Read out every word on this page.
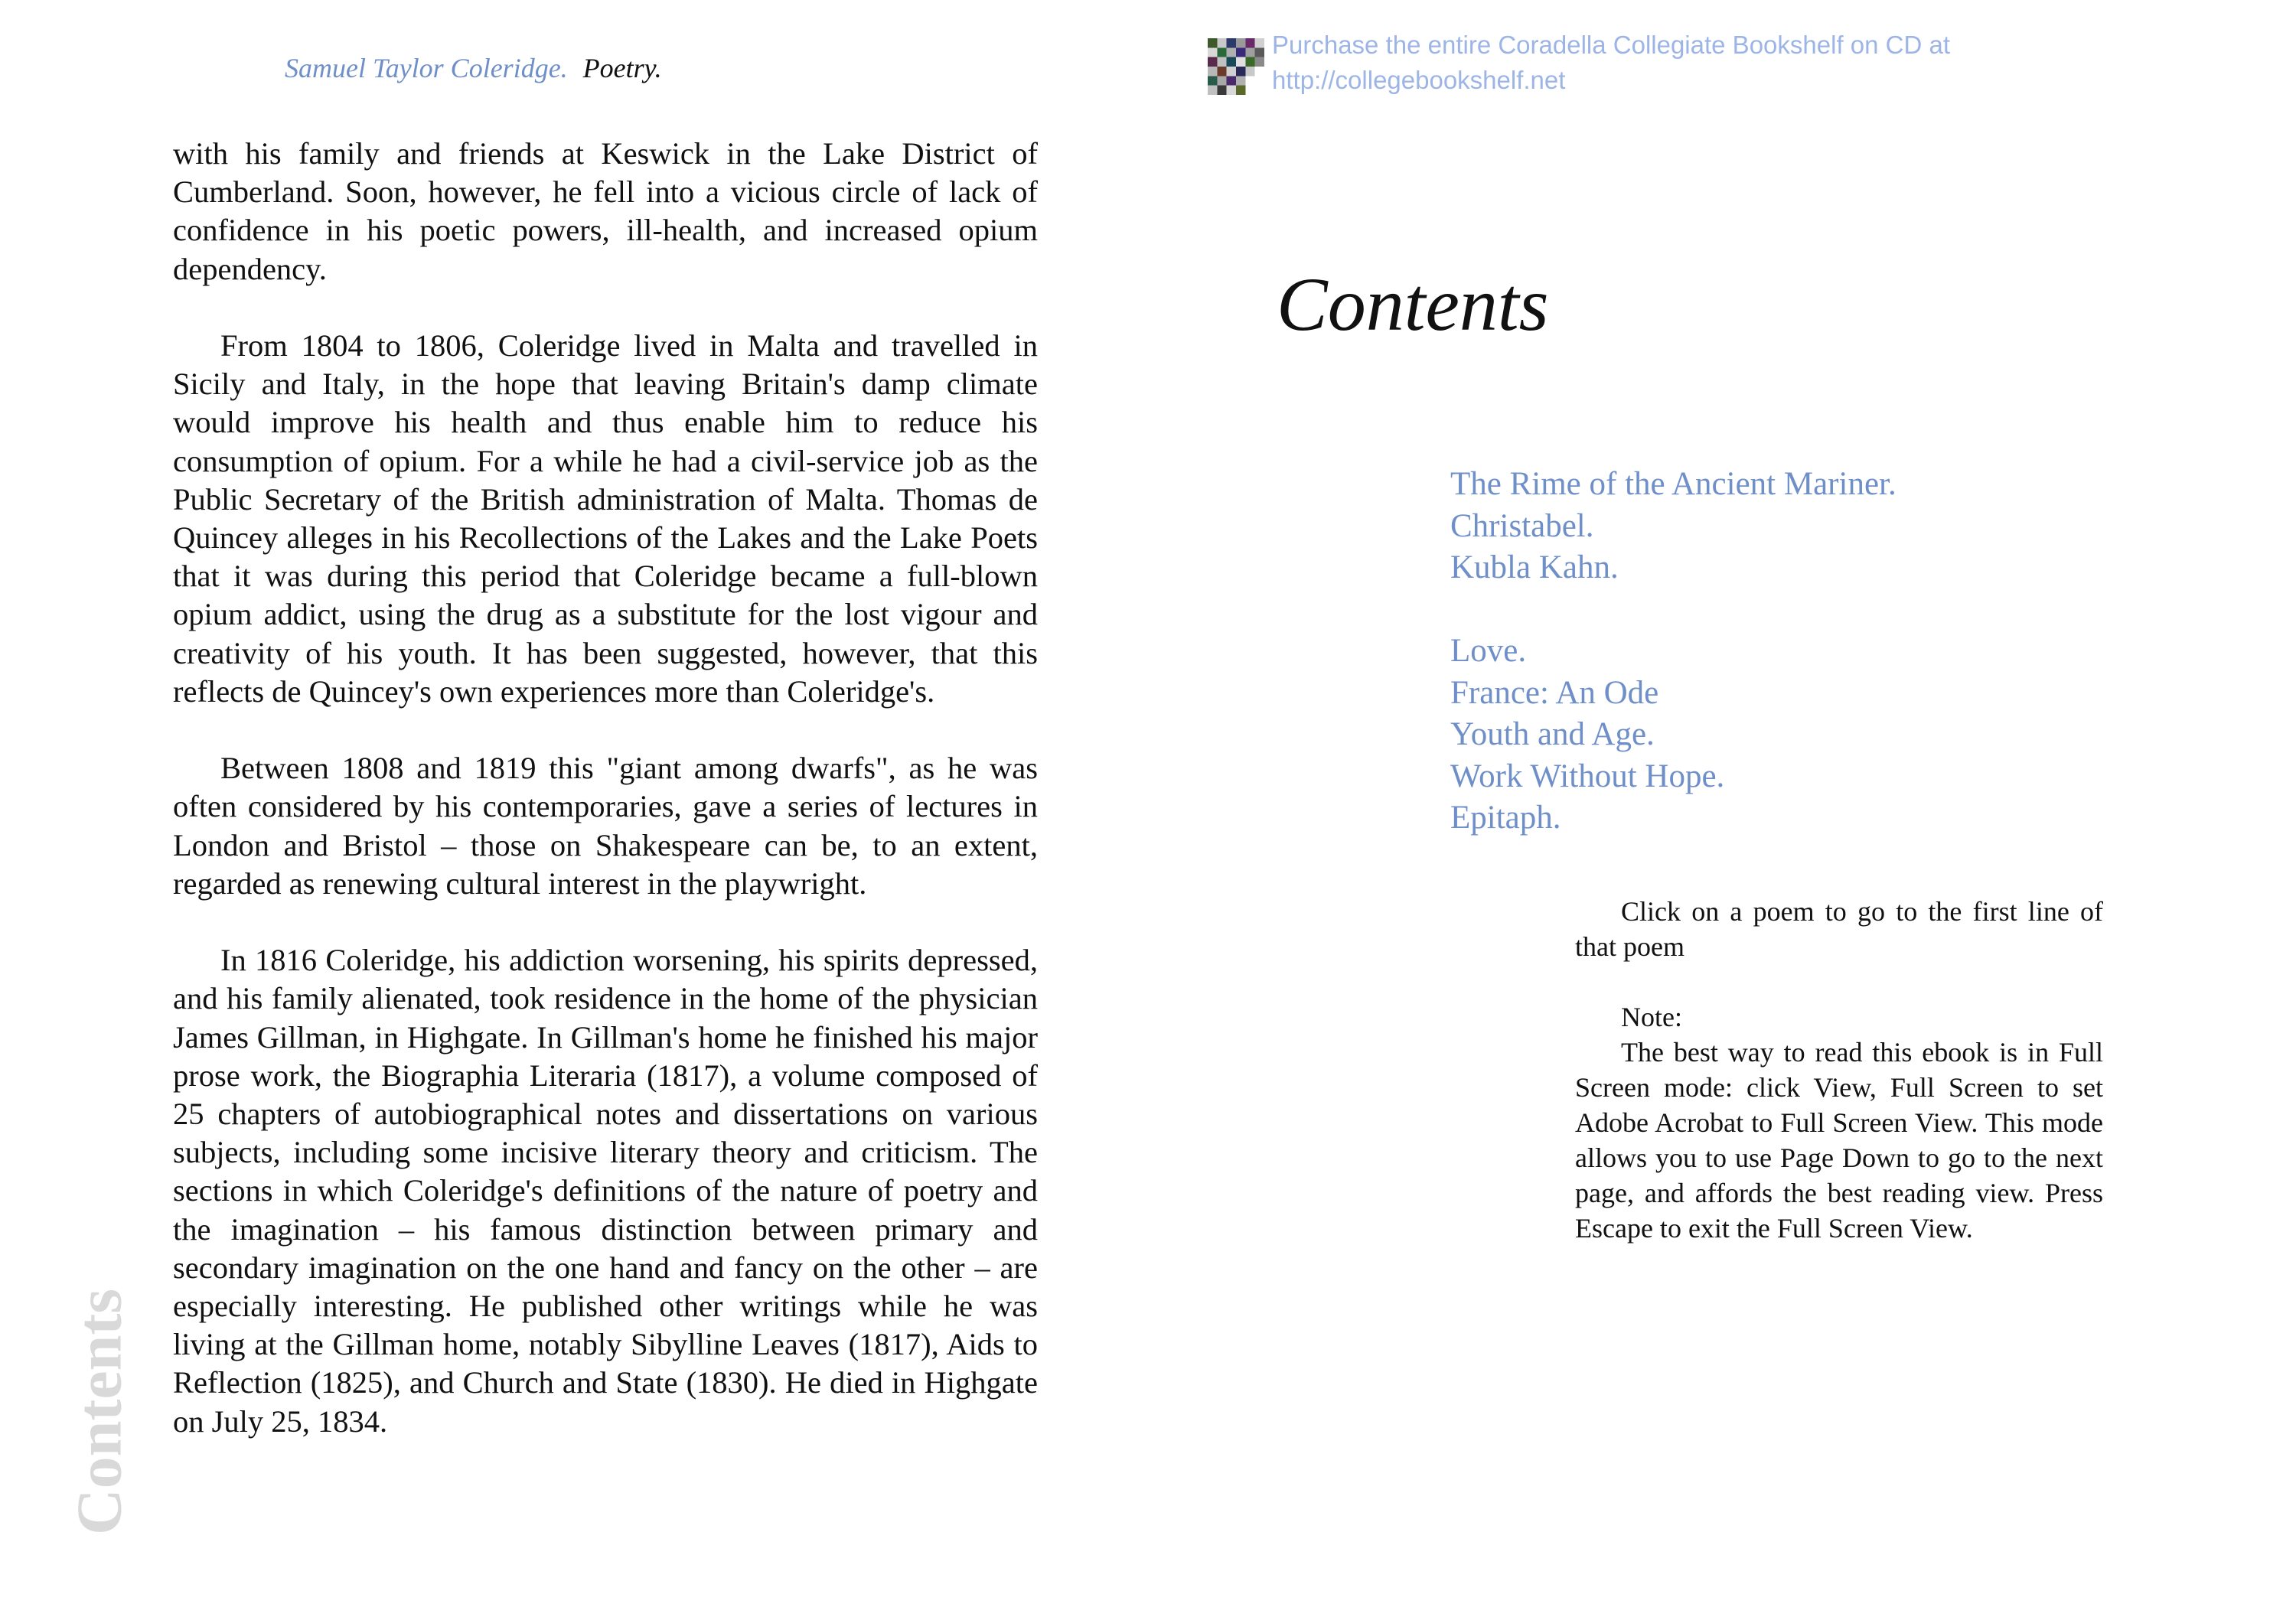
Samuel Taylor Coleridge. Poetry.

with his family and friends at Keswick in the Lake District of Cumberland. Soon, however, he fell into a vicious circle of lack of confidence in his poetic powers, ill-health, and increased opium dependency.

From 1804 to 1806, Coleridge lived in Malta and travelled in Sicily and Italy, in the hope that leaving Britain's damp climate would improve his health and thus enable him to reduce his consumption of opium. For a while he had a civil-service job as the Public Secretary of the British administration of Malta. Thomas de Quincey alleges in his Recollections of the Lakes and the Lake Poets that it was during this period that Coleridge became a full-blown opium addict, using the drug as a substitute for the lost vigour and creativity of his youth. It has been suggested, however, that this reflects de Quincey's own experiences more than Coleridge's.

Between 1808 and 1819 this "giant among dwarfs", as he was often considered by his contemporaries, gave a series of lectures in London and Bristol – those on Shakespeare can be, to an extent, regarded as renewing cultural interest in the playwright.

In 1816 Coleridge, his addiction worsening, his spirits depressed, and his family alienated, took residence in the home of the physician James Gillman, in Highgate. In Gillman's home he finished his major prose work, the Biographia Literaria (1817), a volume composed of 25 chapters of autobiographical notes and dissertations on various subjects, including some incisive literary theory and criticism. The sections in which Coleridge's definitions of the nature of poetry and the imagination – his famous distinction between primary and secondary imagination on the one hand and fancy on the other – are especially interesting. He published other writings while he was living at the Gillman home, notably Sibylline Leaves (1817), Aids to Reflection (1825), and Church and State (1830). He died in Highgate on July 25, 1834.

Contents
Purchase the entire Coradella Collegiate Bookshelf on CD at
http://collegebookshelf.net
Contents
The Rime of the Ancient Mariner.
Christabel.
Kubla Kahn.
Love.
France: An Ode
Youth and Age.
Work Without Hope.
Epitaph.

Click on a poem to go to the first line of that poem

Note:

The best way to read this ebook is in Full Screen mode: click View, Full Screen to set Adobe Acrobat to Full Screen View. This mode allows you to use Page Down to go to the next page, and affords the best reading view. Press Escape to exit the Full Screen View.
